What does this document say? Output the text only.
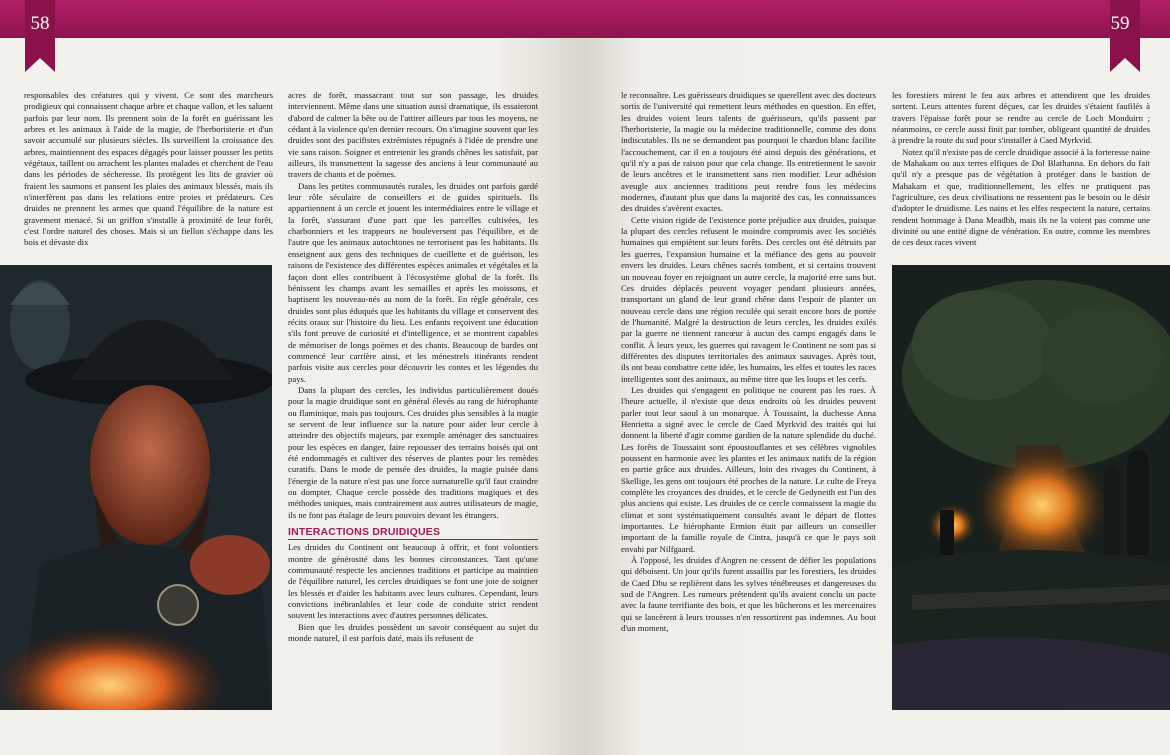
58	59

responsables des créatures qui y vivent. Ce sont des marcheurs prodigieux qui connaissent chaque arbre et chaque vallon, et les saluent parfois par leur nom. Ils prennent soin de la forêt en guérissant les arbres et les animaux à l'aide de la magie, de l'herboristerie et d'un savoir accumulé sur plusieurs siècles. Ils surveillent la croissance des arbres, maintiennent des espaces dégagés pour laisser pousser les petits végétaux, taillent ou arrachent les plantes malades et cherchent de l'eau dans les périodes de sécheresse. Ils protègent les lits de gravier où fraient les saumons et pansent les plaies des animaux blessés, mais ils n'interfèrent pas dans les relations entre proies et prédateurs. Ces druides ne prennent les armes que quand l'équilibre de la nature est gravement menacé. Si un griffon s'installe à proximité de leur forêt, c'est l'ordre naturel des choses. Mais si un fiellon s'échappe dans les bois et dévaste dix

acres de forêt, massacrant tout sur son passage, les druides interviennent. Même dans une situation aussi dramatique, ils essaieront d'abord de calmer la bête ou de l'attirer ailleurs par tous les moyens, ne cédant à la violence qu'en dernier recours. On s'imagine souvent que les druides sont des pacifistes extrémistes répugnés à l'idée de prendre une vie sans raison. Soigner et entretenir les grands chênes les satisfait, par ailleurs, ils transmettent la sagesse des anciens à leur communauté au travers de chants et de poèmes.

Dans les petites communautés rurales, les druides ont parfois gardé leur rôle séculaire de conseillers et de guides spirituels. Ils appartiennent à un cercle et jouent les intermédiaires entre le village et la forêt, s'assurant d'une part que les parcelles cultivées, les charbonniers et les trappeurs ne bouleversent pas l'équilibre, et de l'autre que les animaux autochtones ne terrorisent pas les habitants. Ils enseignent aux gens des techniques de cueillette et de guérison, les raisons de l'existence des différentes espèces animales et végétales et la façon dont elles contribuent à l'écosystème global de la forêt. Ils bénissent les champs avant les semailles et après les moissons, et baptisent les nouveau-nés au nom de la forêt. En règle générale, ces druides sont plus éduqués que les habitants du village et conservent des récits oraux sur l'histoire du lieu. Les enfants reçoivent une éducation s'ils font preuve de curiosité et d'intelligence, et se montrent capables de mémoriser de longs poèmes et des chants. Beaucoup de bardes ont commencé leur carrière ainsi, et les ménestrels itinérants rendent parfois visite aux cercles pour découvrir les contes et les légendes du pays.

Dans la plupart des cercles, les individus particulièrement doués pour la magie druidique sont en général élevés au rang de hiérophante ou flaminique, mais pas toujours. Ces druides plus sensibles à la magie se servent de leur influence sur la nature pour aider leur cercle à atteindre des objectifs majeurs, par exemple aménager des sanctuaires pour les espèces en danger, faire repousser des terrains boisés qui ont été endommagés et cultiver des réserves de plantes pour les remèdes curatifs. Dans le mode de pensée des druides, la magie puisée dans l'énergie de la nature n'est pas une force surnaturelle qu'il faut craindre ou dompter. Chaque cercle possède des traditions magiques et des méthodes uniques, mais contrairement aux autres utilisateurs de magie, ils ne font pas étalage de leurs pouvoirs devant les étrangers.

INTERACTIONS DRUIDIQUES

Les druides du Continent ont beaucoup à offrir, et font volontiers montre de générosité dans les bonnes circonstances. Tant qu'une communauté respecte les anciennes traditions et participe au maintien de l'équilibre naturel, les cercles druidiques se font une joie de soigner les blessés et d'aider les habitants avec leurs cultures. Cependant, leurs convictions inébranlables et leur code de conduite strict rendent souvent les interactions avec d'autres personnes délicates.

Bien que les druides possèdent un savoir conséquent au sujet du monde naturel, il est parfois daté, mais ils refusent de

le reconnaître. Les guérisseurs druidiques se querellent avec des docteurs sortis de l'université qui remettent leurs méthodes en question. En effet, les druides voient leurs talents de guérisseurs, qu'ils passent par l'herboristerie, la magie ou la médecine traditionnelle, comme des dons indiscutables. Ils ne se demandent pas pourquoi le chardon blanc facilite l'accouchement, car il en a toujours été ainsi depuis des générations, et qu'il n'y a pas de raison pour que cela change. Ils entretiennent le savoir de leurs ancêtres et le transmettent sans rien modifier. Leur adhésion aveugle aux anciennes traditions peut rendre fous les médecins modernes, d'autant plus que dans la majorité des cas, les connaissances des druides s'avèrent exactes.

Cette vision rigide de l'existence porte préjudice aux druides, puisque la plupart des cercles refusent le moindre compromis avec les sociétés humaines qui empiètent sur leurs forêts. Des cercles ont été détruits par les guerres, l'expansion humaine et la méfiance des gens au pouvoir envers les druides. Leurs chênes sacrés tombent, et si certains trouvent un nouveau foyer en rejoignant un autre cercle, la majorité erre sans but. Ces druides déplacés peuvent voyager pendant plusieurs années, transportant un gland de leur grand chêne dans l'espoir de planter un nouveau cercle dans une région reculée qui serait encore hors de portée de l'humanité. Malgré la destruction de leurs cercles, les druides exilés par la guerre ne tiennent rancœur à aucun des camps engagés dans le conflit. À leurs yeux, les guerres qui ravagent le Continent ne sont pas si différentes des disputes territoriales des animaux sauvages. Après tout, ils ont beau combattre cette idée, les humains, les elfes et toutes les races intelligentes sont des animaux, au même titre que les loups et les cerfs.

Les druides qui s'engagent en politique ne courent pas les rues. À l'heure actuelle, il n'existe que deux endroits où les druides peuvent parler tout leur saoul à un monarque. À Toussaint, la duchesse Anna Henrietta a signé avec le cercle de Caed Myrkvid des traités qui lui donnent la liberté d'agir comme gardien de la nature splendide du duché. Les forêts de Toussaint sont époustouflantes et ses célèbres vignobles poussent en harmonie avec les plantes et les animaux natifs de la région en partie grâce aux druides. Ailleurs, loin des rivages du Continent, à Skellige, les gens ont toujours été proches de la nature. Le culte de Freya complète les croyances des druides, et le cercle de Gedyneith est l'un des plus anciens qui existe. Les druides de ce cercle connaissent la magie du climat et sont systématiquement consultés avant le départ de flottes importantes. Le hiérophante Ermion était par ailleurs un conseiller important de la famille royale de Cintra, jusqu'à ce que le pays soit envahi par Nilfgaard.

À l'opposé, les druides d'Angren ne cessent de défier les populations qui déboisent. Un jour qu'ils furent assaillis par les forestiers, les druides de Caed Dhu se replièrent dans les sylves ténébreuses et dangereuses du sud de l'Angren. Les rumeurs prétendent qu'ils avaient conclu un pacte avec la faune terrifiante des bois, et que les bûcherons et les mercenaires qui se lancèrent à leurs trousses n'en ressortirent pas indemnes. Au bout d'un moment,

les forestiers mirent le feu aux arbres et attendirent que les druides sortent. Leurs attentes furent déçues, car les druides s'étaient faufilés à travers l'épaisse forêt pour se rendre au cercle de Loch Monduirn ; néanmoins, ce cercle aussi finit par tomber, obligeant quantité de druides à prendre la route du sud pour s'installer à Caed Myrkvid.

Notez qu'il n'existe pas de cercle druidique associé à la forteresse naine de Mahakam ou aux terres elfiques de Dol Blathanna. En dehors du fait qu'il n'y a presque pas de végétation à protéger dans le bastion de Mahakam et que, traditionnellement, les elfes ne pratiquent pas l'agriculture, ces deux civilisations ne ressentent pas le besoin ou le désir d'adopter le druidisme. Les nains et les elfes respectent la nature, certains rendent hommage à Dana Meadbh, mais ils ne la voient pas comme une divinité ou une entité digne de vénération. En outre, comme les membres de ces deux races vivent
